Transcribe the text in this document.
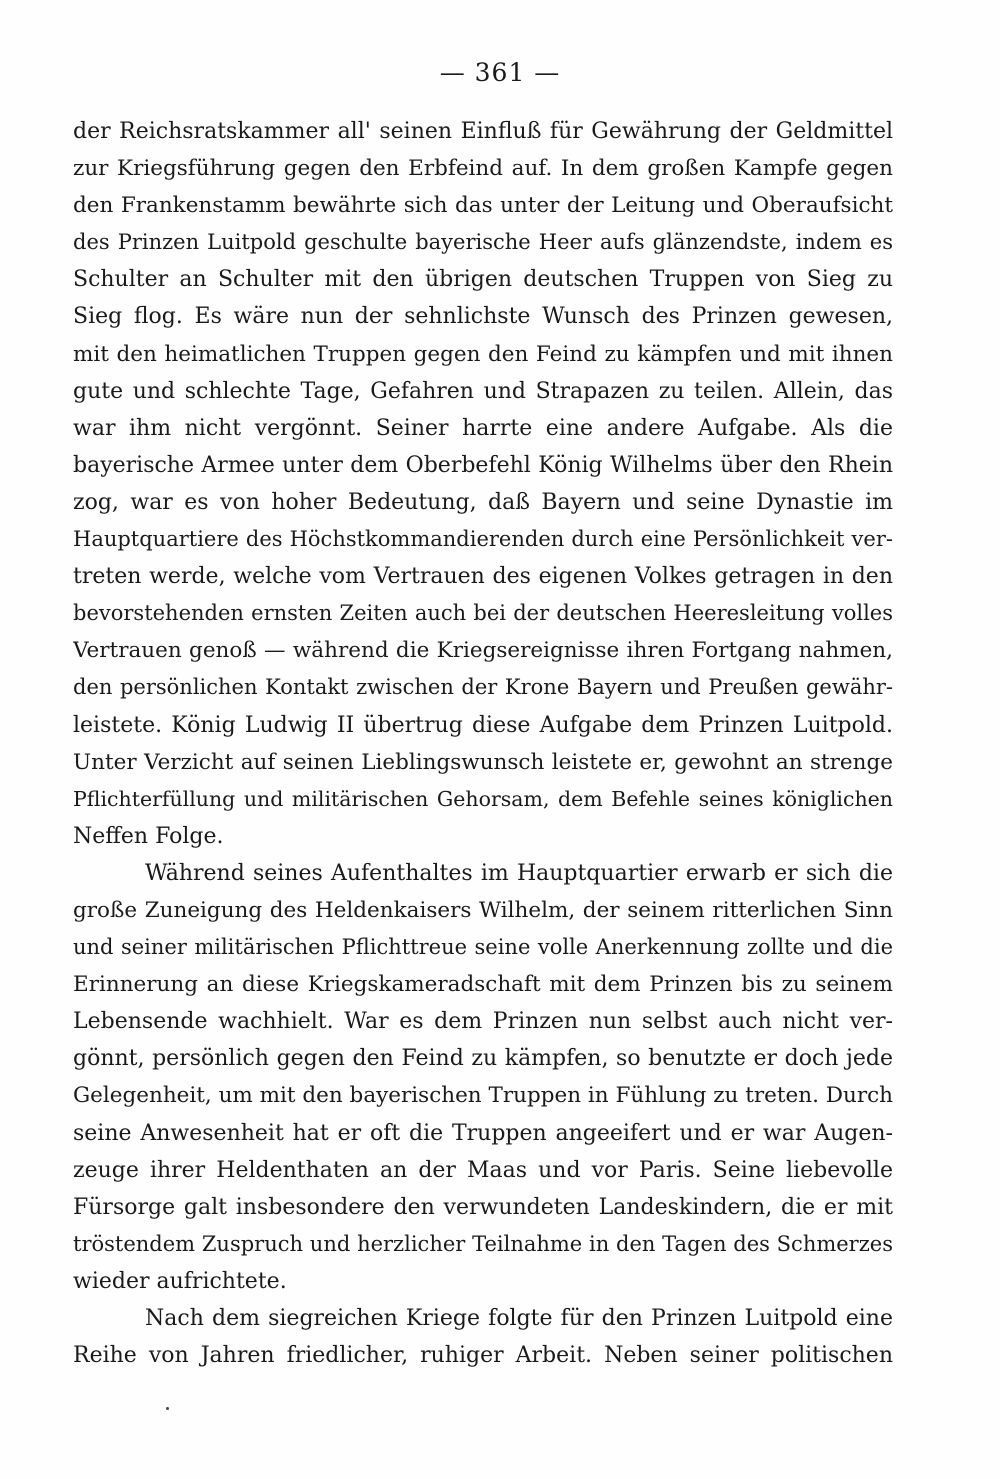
— 361 —
der Reichsratskammer all' seinen Einfluß für Gewährung der Geldmittel
zur Kriegsführung gegen den Erbfeind auf. In dem großen Kampfe gegen
den Frankenstamm bewährte sich das unter der Leitung und Oberaufsicht
des Prinzen Luitpold geschulte bayerische Heer aufs glänzendste, indem es
Schulter an Schulter mit den übrigen deutschen Truppen von Sieg zu
Sieg flog. Es wäre nun der sehnlichste Wunsch des Prinzen gewesen,
mit den heimatlichen Truppen gegen den Feind zu kämpfen und mit ihnen
gute und schlechte Tage, Gefahren und Strapazen zu teilen. Allein, das
war ihm nicht vergönnt. Seiner harrte eine andere Aufgabe. Als die
bayerische Armee unter dem Oberbefehl König Wilhelms über den Rhein
zog, war es von hoher Bedeutung, daß Bayern und seine Dynastie im
Hauptquartiere des Höchstkommandierenden durch eine Persönlichkeit ver-
treten werde, welche vom Vertrauen des eigenen Volkes getragen in den
bevorstehenden ernsten Zeiten auch bei der deutschen Heeresleitung volles
Vertrauen genoß — während die Kriegsereignisse ihren Fortgang nahmen,
den persönlichen Kontakt zwischen der Krone Bayern und Preußen gewähr-
leistete. König Ludwig II übertrug diese Aufgabe dem Prinzen Luitpold.
Unter Verzicht auf seinen Lieblingswunsch leistete er, gewohnt an strenge
Pflichterfüllung und militärischen Gehorsam, dem Befehle seines königlichen
Neffen Folge.
Während seines Aufenthaltes im Hauptquartier erwarb er sich die
große Zuneigung des Heldenkaisers Wilhelm, der seinem ritterlichen Sinn
und seiner militärischen Pflichttreue seine volle Anerkennung zollte und die
Erinnerung an diese Kriegskameradschaft mit dem Prinzen bis zu seinem
Lebensende wachhielt. War es dem Prinzen nun selbst auch nicht ver-
gönnt, persönlich gegen den Feind zu kämpfen, so benutzte er doch jede
Gelegenheit, um mit den bayerischen Truppen in Fühlung zu treten. Durch
seine Anwesenheit hat er oft die Truppen angeeifert und er war Augen-
zeuge ihrer Heldenthaten an der Maas und vor Paris. Seine liebevolle
Fürsorge galt insbesondere den verwundeten Landeskindern, die er mit
tröstendem Zuspruch und herzlicher Teilnahme in den Tagen des Schmerzes
wieder aufrichtete.
Nach dem siegreichen Kriege folgte für den Prinzen Luitpold eine
Reihe von Jahren friedlicher, ruhiger Arbeit. Neben seiner politischen
